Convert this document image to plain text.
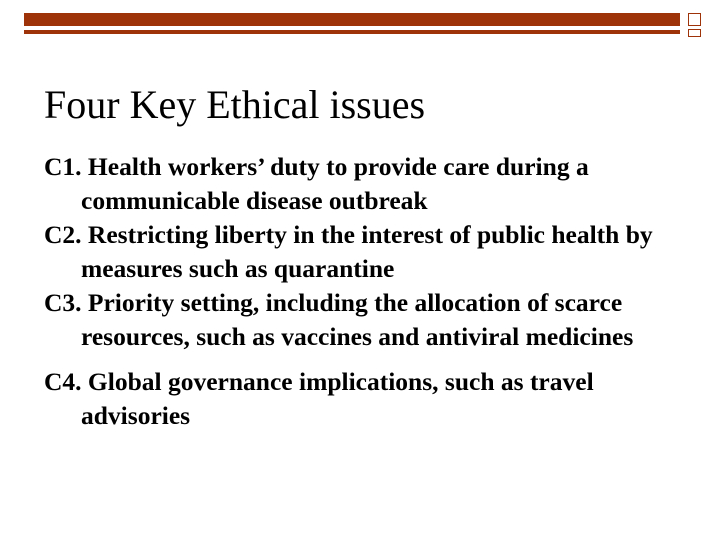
Four Key Ethical issues
C1. Health workers’ duty to provide care during a communicable disease outbreak
C2. Restricting liberty in the interest of public health by measures such as quarantine
C3. Priority setting, including the allocation of scarce resources, such as vaccines and antiviral medicines
C4. Global governance implications, such as travel advisories
